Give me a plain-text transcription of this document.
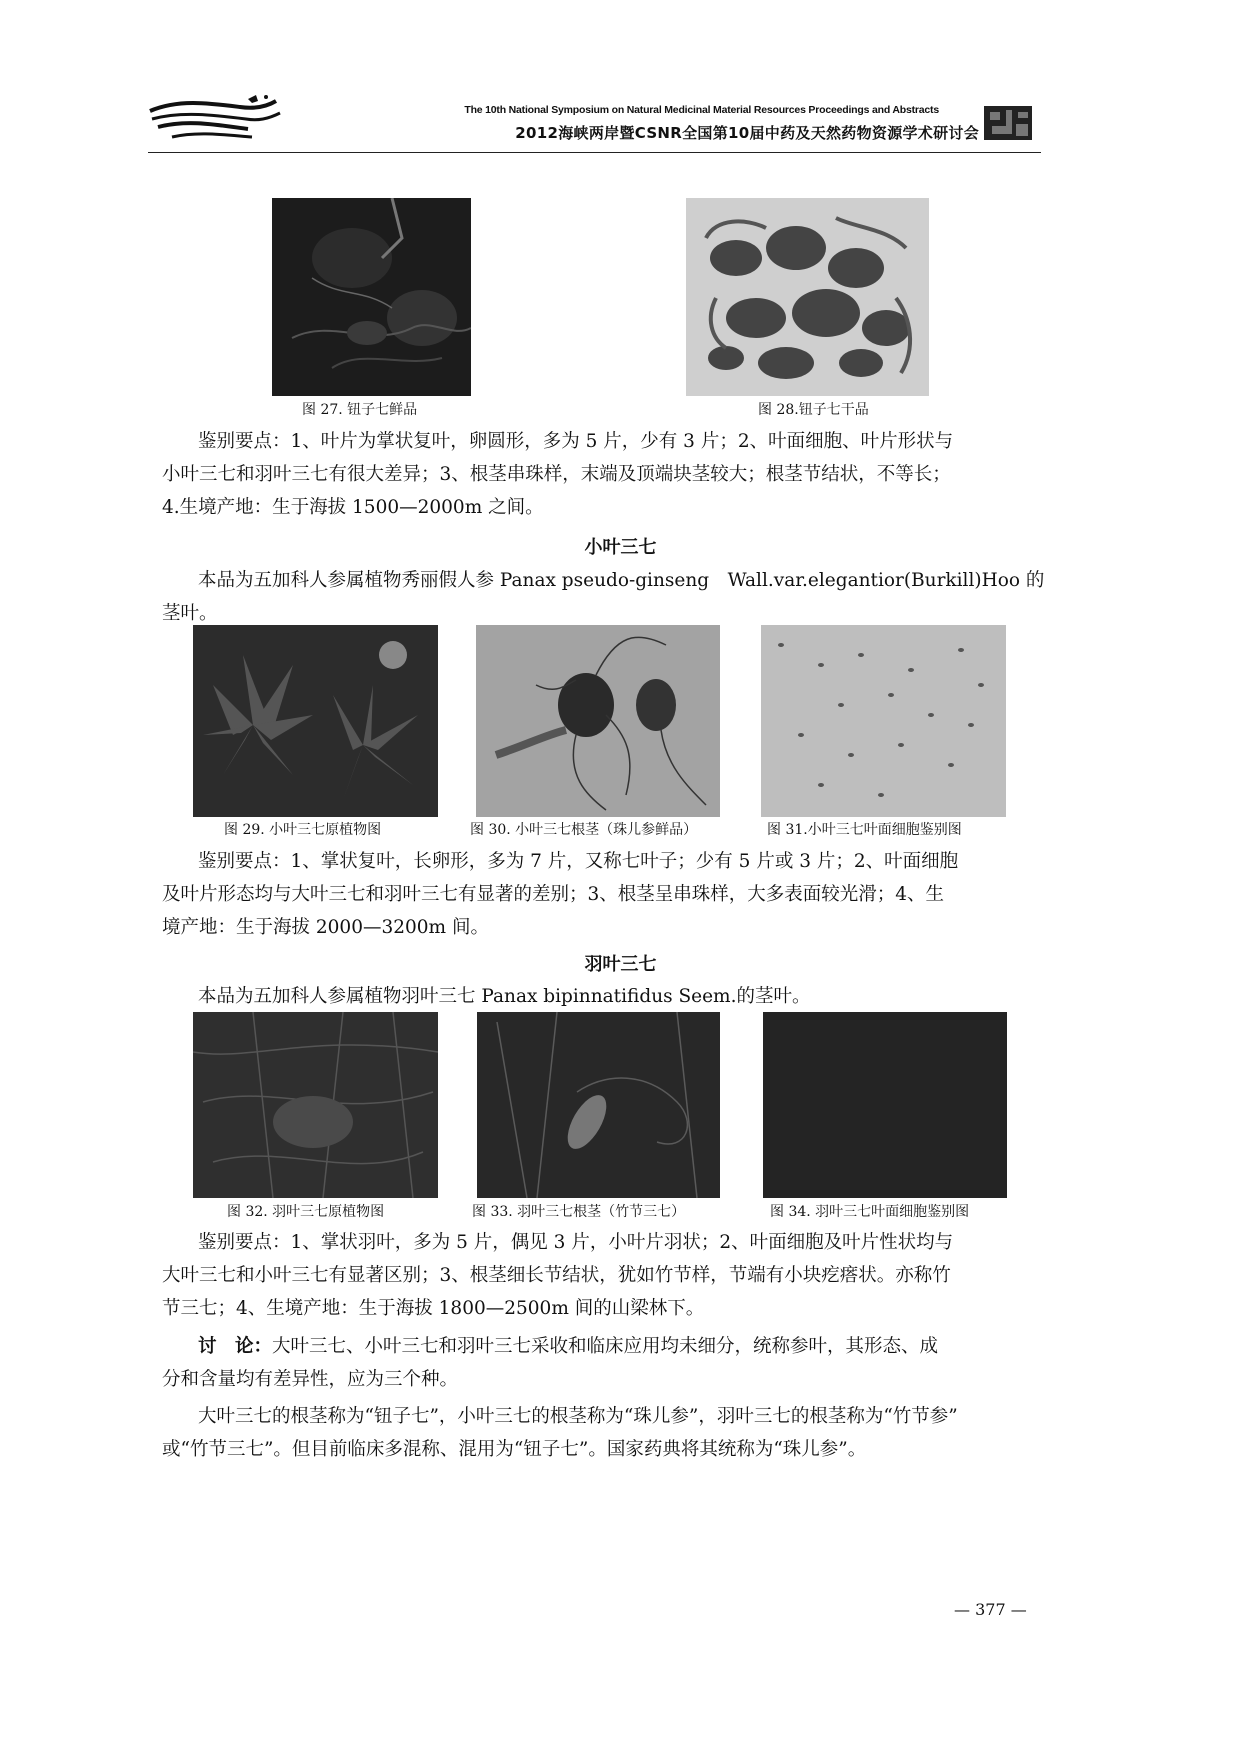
The 10th National Symposium on Natural Medicinal Material Resources Proceedings and Abstracts
2012海峡两岸暨CSNR全国第10届中药及天然药物资源学术研讨会
图 27. 钮子七鲜品	图 28.钮子七干品
鉴别要点：1、叶片为掌状复叶，卵圆形，多为 5 片，少有 3 片；2、叶面细胞、叶片形状与
小叶三七和羽叶三七有很大差异；3、根茎串珠样，末端及顶端块茎较大；根茎节结状，不等长；
4.生境产地：生于海拔 1500—2000m 之间。
小叶三七
本品为五加科人参属植物秀丽假人参 Panax pseudo-ginseng　Wall.var.elegantior(Burkill)Hoo 的
茎叶。
图 29. 小叶三七原植物图	图 30. 小叶三七根茎（珠儿参鲜品）	图 31.小叶三七叶面细胞鉴别图
鉴别要点：1、掌状复叶，长卵形，多为 7 片，又称七叶子；少有 5 片或 3 片；2、叶面细胞
及叶片形态均与大叶三七和羽叶三七有显著的差别；3、根茎呈串珠样，大多表面较光滑；4、生
境产地：生于海拔 2000—3200m 间。
羽叶三七
本品为五加科人参属植物羽叶三七 Panax bipinnatifidus Seem.的茎叶。
图 32. 羽叶三七原植物图	图 33. 羽叶三七根茎（竹节三七）	图 34. 羽叶三七叶面细胞鉴别图
鉴别要点：1、掌状羽叶，多为 5 片，偶见 3 片，小叶片羽状；2、叶面细胞及叶片性状均与
大叶三七和小叶三七有显著区别；3、根茎细长节结状，犹如竹节样，节端有小块疙瘩状。亦称竹
节三七；4、生境产地：生于海拔 1800—2500m 间的山梁林下。
讨　论：大叶三七、小叶三七和羽叶三七采收和临床应用均未细分，统称参叶，其形态、成
分和含量均有差异性，应为三个种。
大叶三七的根茎称为“钮子七”，小叶三七的根茎称为“珠儿参”，羽叶三七的根茎称为“竹节参”
或“竹节三七”。但目前临床多混称、混用为“钮子七”。国家药典将其统称为“珠儿参”。
— 377 —
